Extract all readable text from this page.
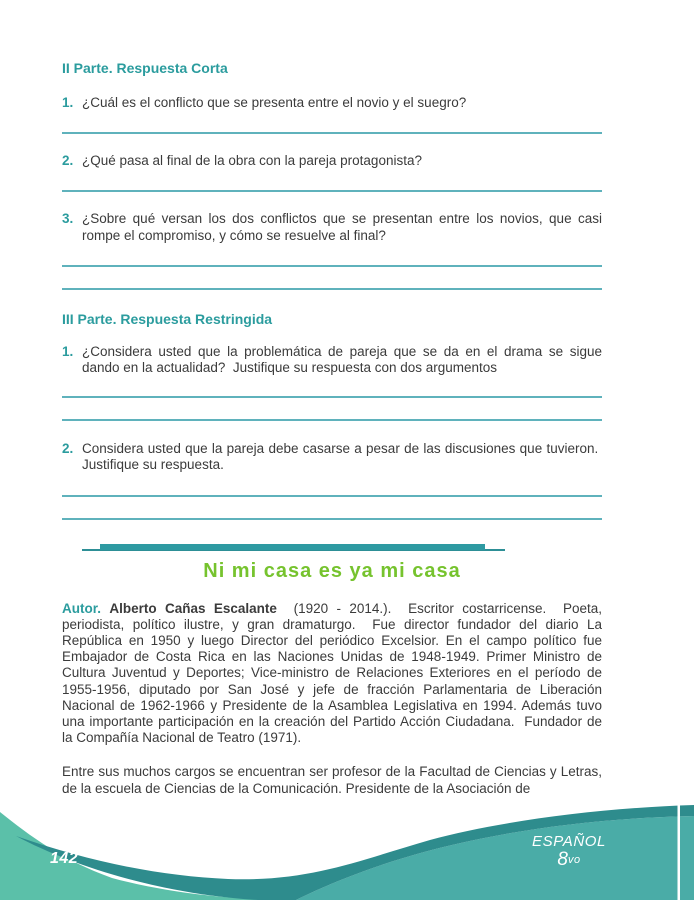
II Parte. Respuesta Corta
1. ¿Cuál es el conflicto que se presenta entre el novio y el suegro?
2. ¿Qué pasa al final de la obra con la pareja protagonista?
3. ¿Sobre qué versan los dos conflictos que se presentan entre los novios, que casi rompe el compromiso, y cómo se resuelve al final?
III Parte. Respuesta Restringida
1. ¿Considera usted que la problemática de pareja que se da en el drama se sigue dando en la actualidad?  Justifique su respuesta con dos argumentos
2. Considera usted que la pareja debe casarse a pesar de las discusiones que tuvieron.  Justifique su respuesta.
Ni mi casa es ya mi casa
Autor. Alberto Cañas Escalante  (1920 - 2014.).  Escritor costarricense.  Poeta, periodista, político ilustre, y gran dramaturgo.  Fue director fundador del diario La República en 1950 y luego Director del periódico Excelsior. En el campo político fue Embajador de Costa Rica en las Naciones Unidas de 1948-1949. Primer Ministro de Cultura Juventud y Deportes; Vice-ministro de Relaciones Exteriores en el período de 1955-1956, diputado por San José y jefe de fracción Parlamentaria de Liberación Nacional de 1962-1966 y Presidente de la Asamblea Legislativa en 1994. Además tuvo una importante participación en la creación del Partido Acción Ciudadana.  Fundador de la Compañía Nacional de Teatro (1971).
Entre sus muchos cargos se encuentran ser profesor de la Facultad de Ciencias y Letras, de la escuela de Ciencias de la Comunicación. Presidente de la Asociación de
142
ESPAÑOL
8vo
